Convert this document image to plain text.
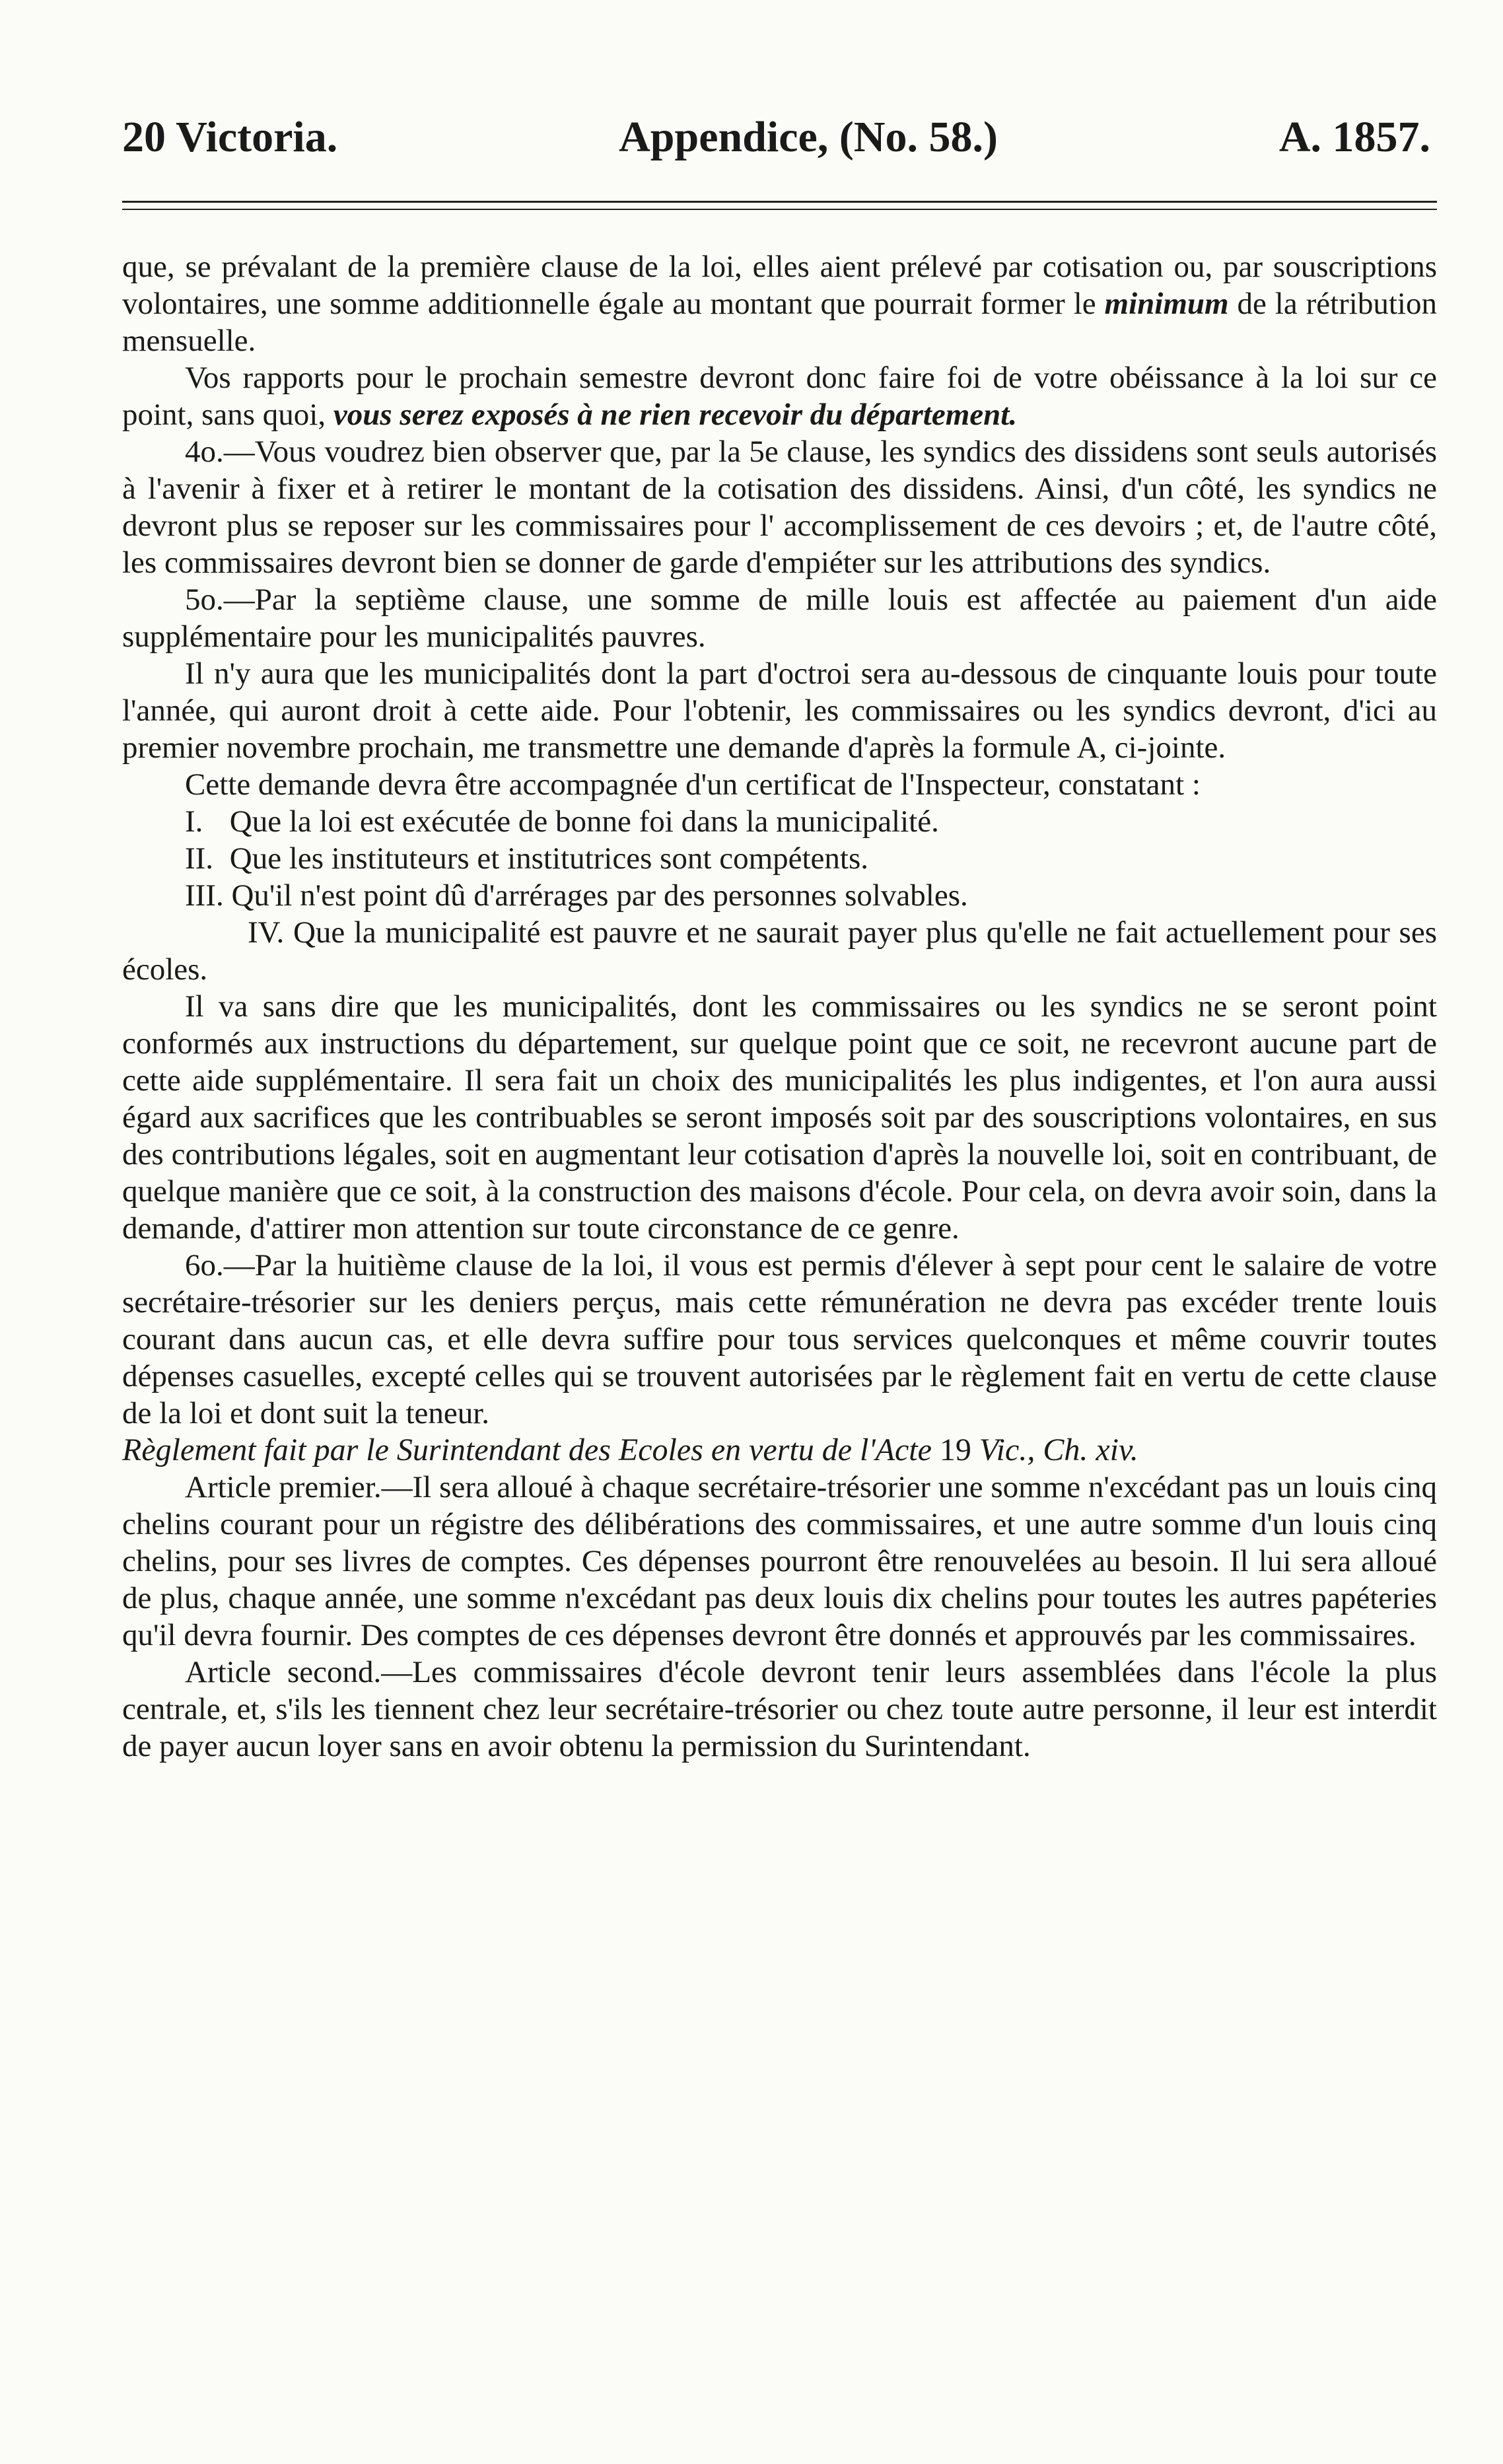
20 Victoria.	Appendice, (No. 58.)	A. 1857.

que, se prévalant de la première clause de la loi, elles aient prélevé par cotisation ou, par souscriptions volontaires, une somme additionnelle égale au montant que pourrait former le minimum de la rétribution mensuelle.

Vos rapports pour le prochain semestre devront donc faire foi de votre obéissance à la loi sur ce point, sans quoi, vous serez exposés à ne rien recevoir du département.

4o.—Vous voudrez bien observer que, par la 5e clause, les syndics des dissidens sont seuls autorisés à l'avenir à fixer et à retirer le montant de la cotisation des dissidens. Ainsi, d'un côté, les syndics ne devront plus se reposer sur les commissaires pour l' accomplissement de ces devoirs ; et, de l'autre côté, les commissaires devront bien se donner de garde d'empiéter sur les attributions des syndics.

5o.—Par la septième clause, une somme de mille louis est affectée au paiement d'un aide supplémentaire pour les municipalités pauvres.

Il n'y aura que les municipalités dont la part d'octroi sera au-dessous de cinquante louis pour toute l'année, qui auront droit à cette aide. Pour l'obtenir, les commissaires ou les syndics devront, d'ici au premier novembre prochain, me transmettre une demande d'après la formule A, ci-jointe.

Cette demande devra être accompagnée d'un certificat de l'Inspecteur, constatant :

I. Que la loi est exécutée de bonne foi dans la municipalité.

II. Que les instituteurs et institutrices sont compétents.

III. Qu'il n'est point dû d'arrérages par des personnes solvables.

IV. Que la municipalité est pauvre et ne saurait payer plus qu'elle ne fait actuellement pour ses écoles.

Il va sans dire que les municipalités, dont les commissaires ou les syndics ne se seront point conformés aux instructions du département, sur quelque point que ce soit, ne recevront aucune part de cette aide supplémentaire. Il sera fait un choix des municipalités les plus indigentes, et l'on aura aussi égard aux sacrifices que les contribuables se seront imposés soit par des souscriptions volontaires, en sus des contributions légales, soit en augmentant leur cotisation d'après la nouvelle loi, soit en contribuant, de quelque manière que ce soit, à la construction des maisons d'école. Pour cela, on devra avoir soin, dans la demande, d'attirer mon attention sur toute circonstance de ce genre.

6o.—Par la huitième clause de la loi, il vous est permis d'élever à sept pour cent le salaire de votre secrétaire-trésorier sur les deniers perçus, mais cette rémunération ne devra pas excéder trente louis courant dans aucun cas, et elle devra suffire pour tous services quelconques et même couvrir toutes dépenses casuelles, excepté celles qui se trouvent autorisées par le règlement fait en vertu de cette clause de la loi et dont suit la teneur.

Règlement fait par le Surintendant des Ecoles en vertu de l'Acte 19 Vic., Ch. xiv.

Article premier.—Il sera alloué à chaque secrétaire-trésorier une somme n'excédant pas un louis cinq chelins courant pour un régistre des délibérations des commissaires, et une autre somme d'un louis cinq chelins, pour ses livres de comptes. Ces dépenses pourront être renouvelées au besoin. Il lui sera alloué de plus, chaque année, une somme n'excédant pas deux louis dix chelins pour toutes les autres papéteries qu'il devra fournir. Des comptes de ces dépenses devront être donnés et approuvés par les commissaires.

Article second.—Les commissaires d'école devront tenir leurs assemblées dans l'école la plus centrale, et, s'ils les tiennent chez leur secrétaire-trésorier ou chez toute autre personne, il leur est interdit de payer aucun loyer sans en avoir obtenu la permission du Surintendant.
